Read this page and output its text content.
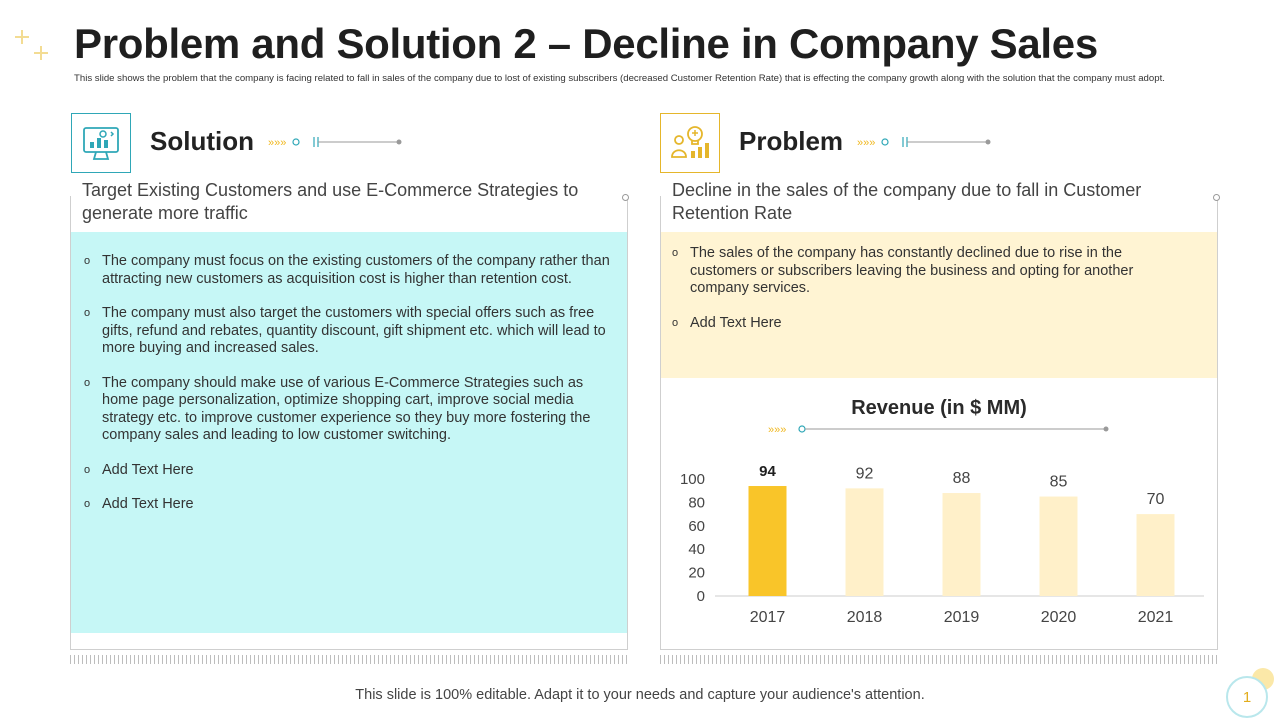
Problem and Solution 2 – Decline in Company Sales
This slide shows the problem that the company is facing related to fall in sales of the company due to lost of existing subscribers (decreased Customer Retention Rate) that is effecting the company growth along with the solution that the company must adopt.
Solution »»»
Target Existing Customers and use E-Commerce Strategies to generate more traffic
o The company must focus on the existing customers of the company rather than attracting new customers as acquisition cost is higher than retention cost.
o The company must also target the customers with special offers such as free gifts, refund and rebates, quantity discount, gift shipment etc. which will lead to more buying and increased sales.
o The company should make use of various E-Commerce Strategies such as home page personalization, optimize shopping cart, improve social media strategy etc. to improve customer experience so they buy more fostering the company sales and leading to low customer switching.
o Add Text Here
o Add Text Here
Problem »»»
Decline in the sales of the company due to fall in Customer Retention Rate
o The sales of the company has constantly declined due to rise in the customers or subscribers leaving the business and opting for another company services.
o Add Text Here
Revenue (in $ MM)
»»»
0
20
40
60
80
100	94
2017
92
2018
88
2019
85
2020
70
2021
This slide is 100% editable. Adapt it to your needs and capture your audience's attention.	1
